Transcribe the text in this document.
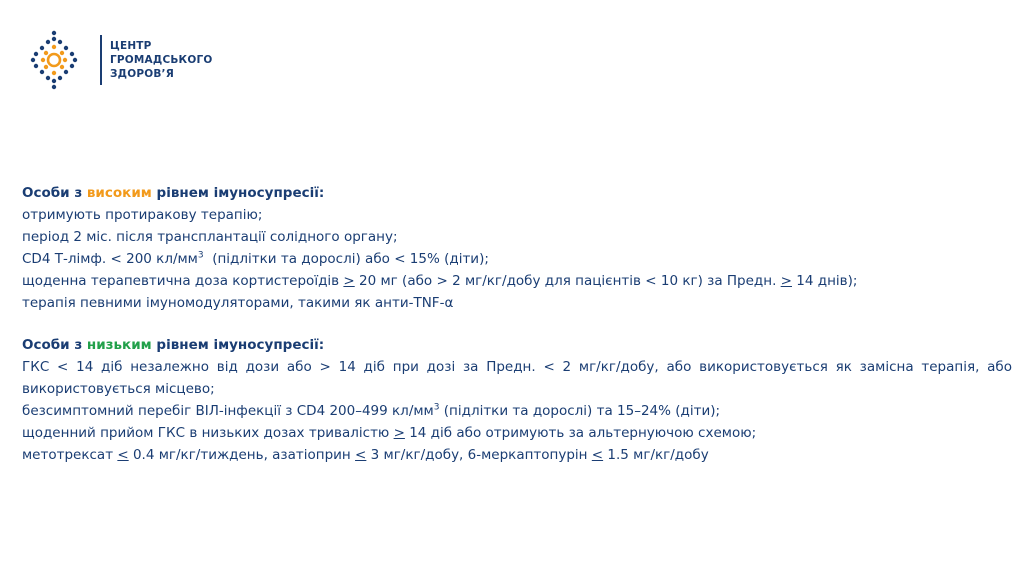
ЦЕНТР
ГРОМАДСЬКОГО
ЗДОРОВ’Я
Особи з високим рівнем імуносупресії:
отримують протиракову терапію;
період 2 міс. після трансплантації солідного органу;
CD4 Т-лімф. < 200 $кл/мм^3$  (підлітки та дорослі) або < 15% (діти);
щоденна терапевтична доза кортистероїдів > 20 мг (або > 2 мг/кг/добу для пацієнтів < 10 кг) за Предн. > 14 днів);
терапія певними імуномодуляторами, такими як анти-TNF-α
Особи з низьким рівнем імуносупресії:
ГКС < 14 діб незалежно від дози або > 14 діб при дозі за Предн. < 2 мг/кг/добу, або використовується як замісна терапія, або використовується місцево;
безсимптомний перебіг ВІЛ-інфекції з CD4 200–499 $кл/мм^3$ (підлітки та дорослі) та 15–24% (діти);
щоденний прийом ГКС в низьких дозах тривалістю ≥ 14 діб або отримують за альтернуючою схемою;
метотрексат ≤ 0.4 мг/кг/тиждень, азатіоприн ≤ 3 мг/кг/добу, 6-меркаптопурін ≤ 1.5 мг/кг/добу
